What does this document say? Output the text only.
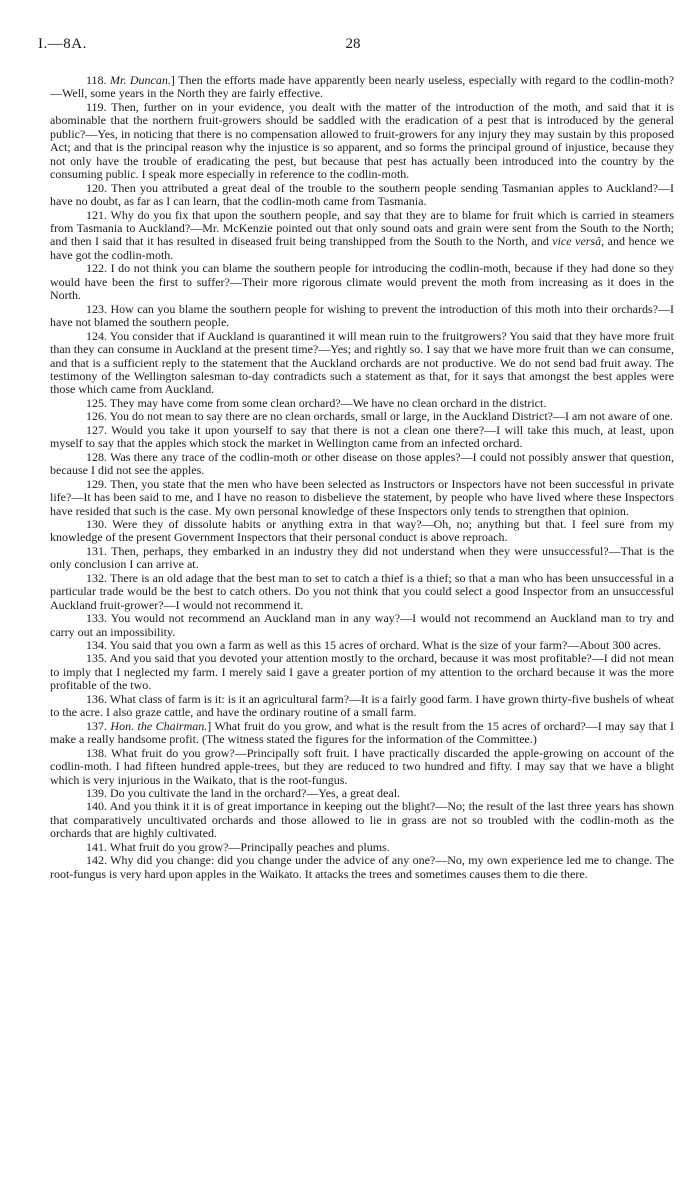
I.—8A.	28

118. Mr. Duncan.] Then the efforts made have apparently been nearly useless, especially with regard to the codlin-moth?—Well, some years in the North they are fairly effective.

119. Then, further on in your evidence, you dealt with the matter of the introduction of the moth, and said that it is abominable that the northern fruit-growers should be saddled with the eradication of a pest that is introduced by the general public?—Yes, in noticing that there is no compensation allowed to fruit-growers for any injury they may sustain by this proposed Act; and that is the principal reason why the injustice is so apparent, and so forms the principal ground of injustice, because they not only have the trouble of eradicating the pest, but because that pest has actually been introduced into the country by the consuming public. I speak more especially in reference to the codlin-moth.

120. Then you attributed a great deal of the trouble to the southern people sending Tasmanian apples to Auckland?—I have no doubt, as far as I can learn, that the codlin-moth came from Tasmania.

121. Why do you fix that upon the southern people, and say that they are to blame for fruit which is carried in steamers from Tasmania to Auckland?—Mr. McKenzie pointed out that only sound oats and grain were sent from the South to the North; and then I said that it has resulted in diseased fruit being transhipped from the South to the North, and vice versâ, and hence we have got the codlin-moth.

122. I do not think you can blame the southern people for introducing the codlin-moth, because if they had done so they would have been the first to suffer?—Their more rigorous climate would prevent the moth from increasing as it does in the North.

123. How can you blame the southern people for wishing to prevent the introduction of this moth into their orchards?—I have not blamed the southern people.

124. You consider that if Auckland is quarantined it will mean ruin to the fruitgrowers? You said that they have more fruit than they can consume in Auckland at the present time?—Yes; and rightly so. I say that we have more fruit than we can consume, and that is a sufficient reply to the statement that the Auckland orchards are not productive. We do not send bad fruit away. The testimony of the Wellington salesman to-day contradicts such a statement as that, for it says that amongst the best apples were those which came from Auckland.

125. They may have come from some clean orchard?—We have no clean orchard in the district.

126. You do not mean to say there are no clean orchards, small or large, in the Auckland District?—I am not aware of one.

127. Would you take it upon yourself to say that there is not a clean one there?—I will take this much, at least, upon myself to say that the apples which stock the market in Wellington came from an infected orchard.

128. Was there any trace of the codlin-moth or other disease on those apples?—I could not possibly answer that question, because I did not see the apples.

129. Then, you state that the men who have been selected as Instructors or Inspectors have not been successful in private life?—It has been said to me, and I have no reason to disbelieve the statement, by people who have lived where these Inspectors have resided that such is the case. My own personal knowledge of these Inspectors only tends to strengthen that opinion.

130. Were they of dissolute habits or anything extra in that way?—Oh, no; anything but that. I feel sure from my knowledge of the present Government Inspectors that their personal conduct is above reproach.

131. Then, perhaps, they embarked in an industry they did not understand when they were unsuccessful?—That is the only conclusion I can arrive at.

132. There is an old adage that the best man to set to catch a thief is a thief; so that a man who has been unsuccessful in a particular trade would be the best to catch others. Do you not think that you could select a good Inspector from an unsuccessful Auckland fruit-grower?—I would not recommend it.

133. You would not recommend an Auckland man in any way?—I would not recommend an Auckland man to try and carry out an impossibility.

134. You said that you own a farm as well as this 15 acres of orchard. What is the size of your farm?—About 300 acres.

135. And you said that you devoted your attention mostly to the orchard, because it was most profitable?—I did not mean to imply that I neglected my farm. I merely said I gave a greater portion of my attention to the orchard because it was the more profitable of the two.

136. What class of farm is it: is it an agricultural farm?—It is a fairly good farm. I have grown thirty-five bushels of wheat to the acre. I also graze cattle, and have the ordinary routine of a small farm.

137. Hon. the Chairman.] What fruit do you grow, and what is the result from the 15 acres of orchard?—I may say that I make a really handsome profit. (The witness stated the figures for the information of the Committee.)

138. What fruit do you grow?—Principally soft fruit. I have practically discarded the apple-growing on account of the codlin-moth. I had fifteen hundred apple-trees, but they are reduced to two hundred and fifty. I may say that we have a blight which is very injurious in the Waikato, that is the root-fungus.

139. Do you cultivate the land in the orchard?—Yes, a great deal.

140. And you think it it is of great importance in keeping out the blight?—No; the result of the last three years has shown that comparatively uncultivated orchards and those allowed to lie in grass are not so troubled with the codlin-moth as the orchards that are highly cultivated.

141. What fruit do you grow?—Principally peaches and plums.

142. Why did you change: did you change under the advice of any one?—No, my own experience led me to change. The root-fungus is very hard upon apples in the Waikato. It attacks the trees and sometimes causes them to die there.
